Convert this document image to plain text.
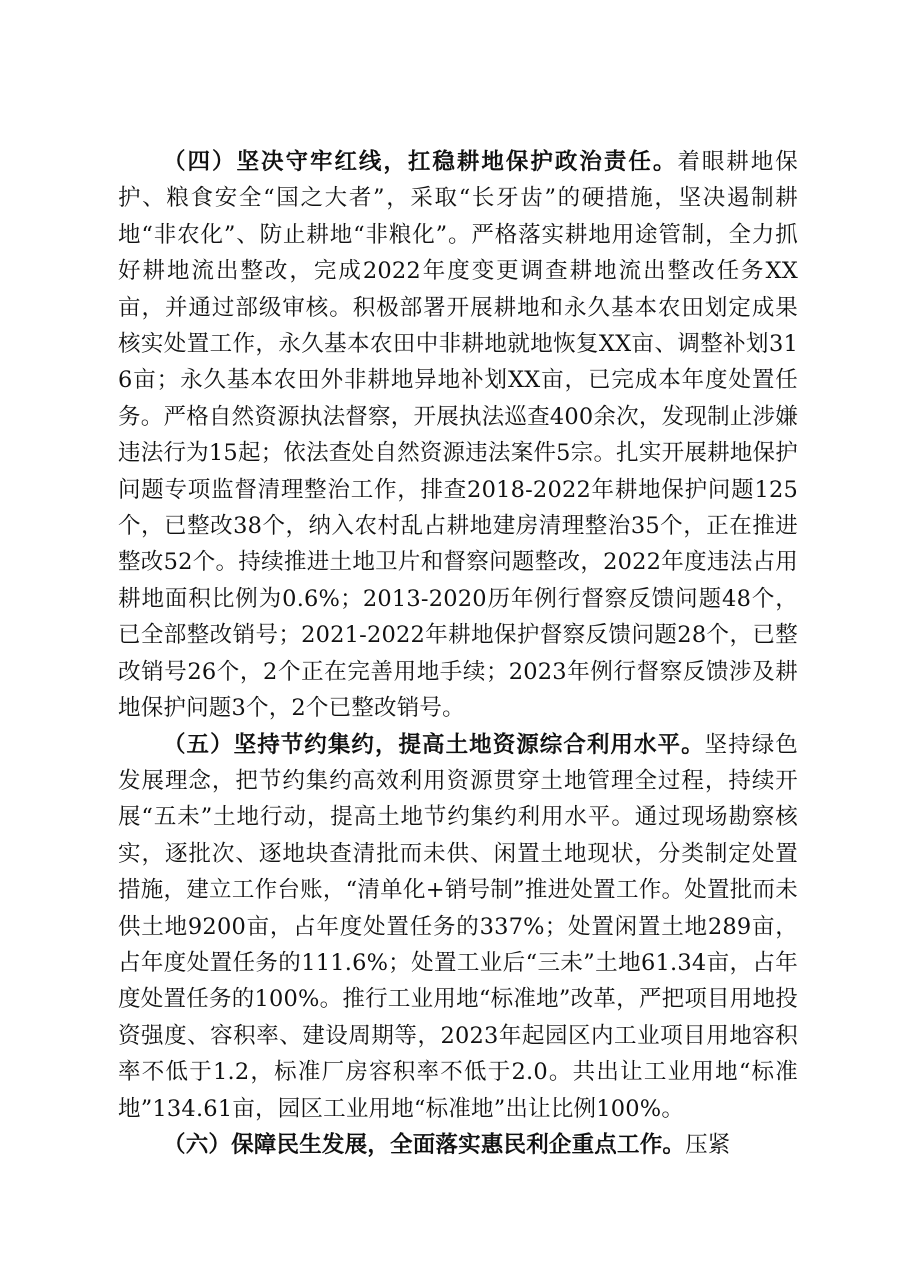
（四）坚决守牢红线，扛稳耕地保护政治责任。着眼耕地保护、粮食安全“国之大者”，采取“长牙齿”的硬措施，坚决遏制耕地“非农化”、防止耕地“非粮化”。严格落实耕地用途管制，全力抓好耕地流出整改，完成2022年度变更调查耕地流出整改任务XX亩，并通过部级审核。积极部署开展耕地和永久基本农田划定成果核实处置工作，永久基本农田中非耕地就地恢复XX亩、调整补划316亩；永久基本农田外非耕地异地补划XX亩，已完成本年度处置任务。严格自然资源执法督察，开展执法巡查400余次，发现制止涉嫌违法行为15起；依法查处自然资源违法案件5宗。扎实开展耕地保护问题专项监督清理整治工作，排查2018-2022年耕地保护问题125个，已整改38个，纳入农村乱占耕地建房清理整治35个，正在推进整改52个。持续推进土地卫片和督察问题整改，2022年度违法占用耕地面积比例为0.6%；2013-2020历年例行督察反馈问题48个，已全部整改销号；2021-2022年耕地保护督察反馈问题28个，已整改销号26个，2个正在完善用地手续；2023年例行督察反馈涉及耕地保护问题3个，2个已整改销号。

（五）坚持节约集约，提高土地资源综合利用水平。坚持绿色发展理念，把节约集约高效利用资源贯穿土地管理全过程，持续开展“五未”土地行动，提高土地节约集约利用水平。通过现场勘察核实，逐批次、逐地块查清批而未供、闲置土地现状，分类制定处置措施，建立工作台账，“清单化+销号制”推进处置工作。处置批而未供土地9200亩，占年度处置任务的337%；处置闲置土地289亩，占年度处置任务的111.6%；处置工业后“三未”土地61.34亩，占年度处置任务的100%。推行工业用地“标准地”改革，严把项目用地投资强度、容积率、建设周期等，2023年起园区内工业项目用地容积率不低于1.2，标准厂房容积率不低于2.0。共出让工业用地“标准地”134.61亩，园区工业用地“标准地”出让比例100%。

（六）保障民生发展，全面落实惠民利企重点工作。压紧
